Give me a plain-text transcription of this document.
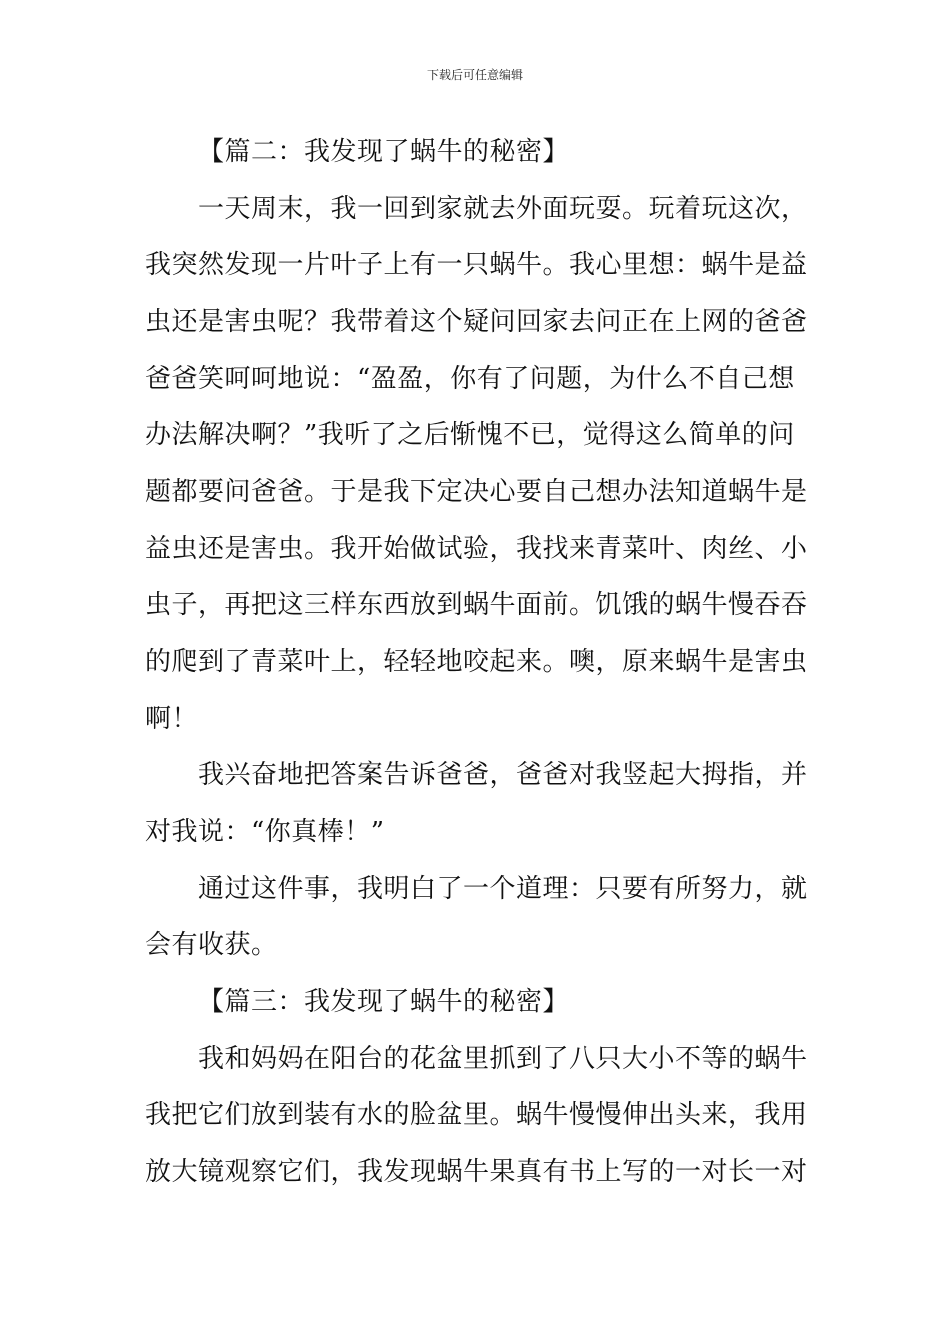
下载后可任意编辑
【篇二：我发现了蜗牛的秘密】
一天周末，我一回到家就去外面玩耍。玩着玩这次，
我突然发现一片叶子上有一只蜗牛。我心里想：蜗牛是益
虫还是害虫呢？我带着这个疑问回家去问正在上网的爸爸
爸爸笑呵呵地说：“盈盈，你有了问题，为什么不自己想
办法解决啊？”我听了之后惭愧不已，觉得这么简单的问
题都要问爸爸。于是我下定决心要自己想办法知道蜗牛是
益虫还是害虫。我开始做试验，我找来青菜叶、肉丝、小
虫子，再把这三样东西放到蜗牛面前。饥饿的蜗牛慢吞吞
的爬到了青菜叶上，轻轻地咬起来。噢，原来蜗牛是害虫
啊！
我兴奋地把答案告诉爸爸，爸爸对我竖起大拇指，并
对我说：“你真棒！”
通过这件事，我明白了一个道理：只要有所努力，就
会有收获。
【篇三：我发现了蜗牛的秘密】
我和妈妈在阳台的花盆里抓到了八只大小不等的蜗牛
我把它们放到装有水的脸盆里。蜗牛慢慢伸出头来，我用
放大镜观察它们，我发现蜗牛果真有书上写的一对长一对
